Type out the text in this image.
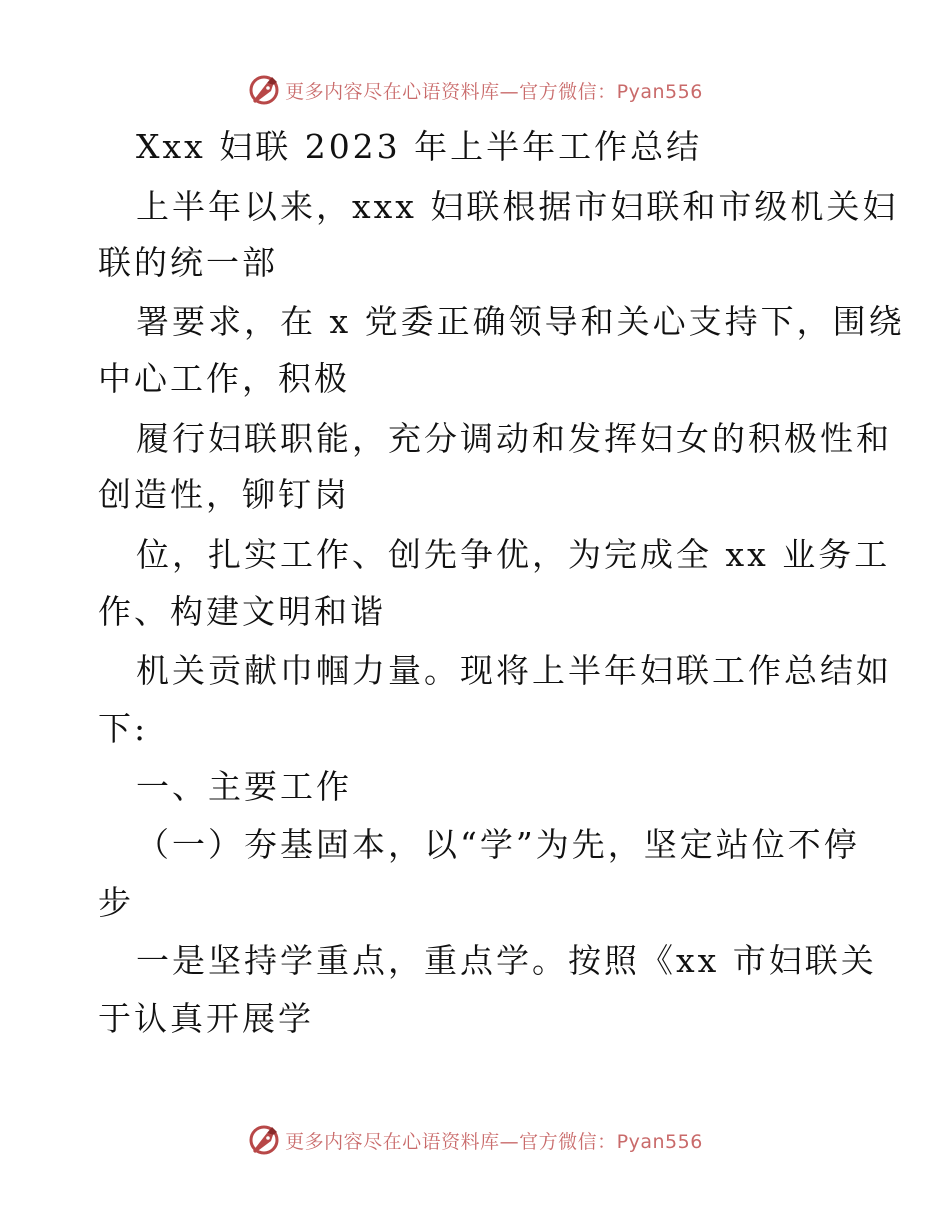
更多内容尽在心语资料库—官方微信：Pyan556
Xxx 妇联 2023 年上半年工作总结
上半年以来，xxx 妇联根据市妇联和市级机关妇
联的统一部
署要求，在 x 党委正确领导和关心支持下，围绕
中心工作，积极
履行妇联职能，充分调动和发挥妇女的积极性和
创造性，铆钉岗
位，扎实工作、创先争优，为完成全 xx 业务工
作、构建文明和谐
机关贡献巾帼力量。现将上半年妇联工作总结如
下:
一、主要工作
（一）夯基固本，以“学”为先，坚定站位不停
步
一是坚持学重点，重点学。按照《xx 市妇联关
于认真开展学
更多内容尽在心语资料库—官方微信：Pyan556
